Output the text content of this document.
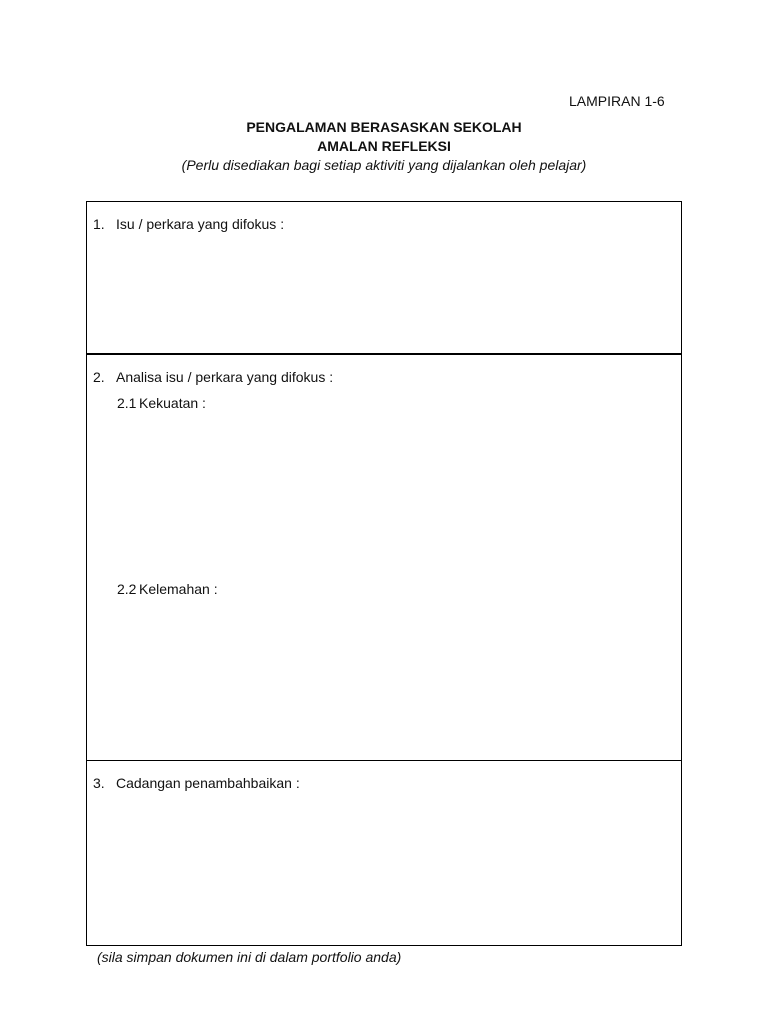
LAMPIRAN 1-6
PENGALAMAN BERASASKAN SEKOLAH
AMALAN REFLEKSI
(Perlu disediakan bagi setiap aktiviti yang dijalankan oleh pelajar)
1. Isu / perkara yang difokus :
2. Analisa isu / perkara yang difokus :
2.1 Kekuatan :
2.2 Kelemahan :
3. Cadangan penambahbaikan :
(sila simpan dokumen ini di dalam portfolio anda)
